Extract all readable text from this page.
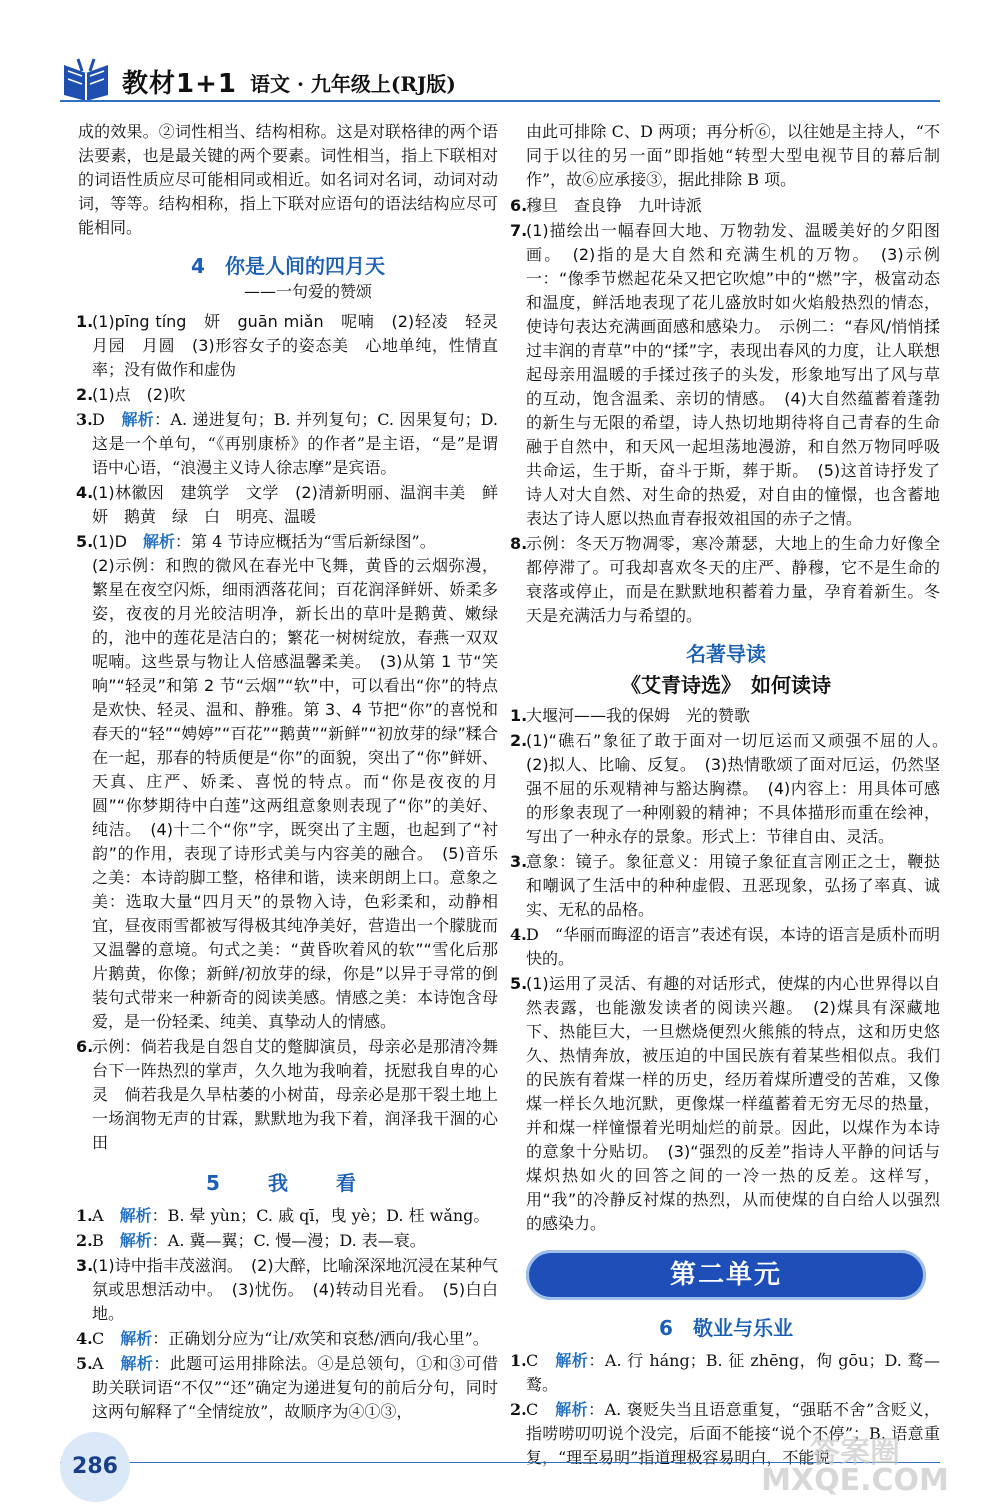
教材1+1 语文 · 九年级上(RJ版)

成的效果。②词性相当、结构相称。这是对联格律的两个语法要素，也是最关键的两个要素。词性相当，指上下联相对的词语性质应尽可能相同或相近。如名词对名词，动词对动词，等等。结构相称，指上下联对应语句的语法结构应尽可能相同。

4　你是人间的四月天
——一句爱的赞颂
1.
(1)pīng tíng　妍　guān miǎn　呢喃　(2)轻凌　轻灵　月园　月圆　(3)形容女子的姿态美　心地单纯，性情直率；没有做作和虚伪
2.
(1)点　(2)吹
3. D　解析：A. 递进复句；B. 并列复句；C. 因果复句；D. 这是一个单句，“《再别康桥》的作者”是主语，“是”是谓语中心语，“浪漫主义诗人徐志摩”是宾语。
4.
(1)林徽因　建筑学　文学　(2)清新明丽、温润丰美　鲜妍　鹅黄　绿　白　明亮、温暖
5.
(1)D　解析：第 4 节诗应概括为“雪后新绿图”。
(2)示例：和煦的微风在春光中飞舞，黄昏的云烟弥漫，繁星在夜空闪烁，细雨洒落花间；百花润泽鲜妍、娇柔多姿，夜夜的月光皎洁明净，新长出的草叶是鹅黄、嫩绿的，池中的莲花是洁白的；繁花一树树绽放，春燕一双双呢喃。这些景与物让人倍感温馨柔美。　(3)从第 1 节“笑响”“轻灵”和第 2 节“云烟”“软”中，可以看出“你”的特点是欢快、轻灵、温和、静雅。第 3、4 节把“你”的喜悦和春天的“轻”“娉婷”“百花”“鹅黄”“新鲜”“初放芽的绿”糅合在一起，那春的特质便是“你”的面貌，突出了“你”鲜妍、天真、庄严、娇柔、喜悦的特点。而“你是夜夜的月圆”“你梦期待中白莲”这两组意象则表现了“你”的美好、纯洁。　(4)十二个“你”字，既突出了主题，也起到了“衬韵”的作用，表现了诗形式美与内容美的融合。　(5)音乐之美：本诗韵脚工整，格律和谐，读来朗朗上口。意象之美：选取大量“四月天”的景物入诗，色彩柔和，动静相宜，昼夜雨雪都被写得极其纯净美好，营造出一个朦胧而又温馨的意境。句式之美：“黄昏吹着风的软”“雪化后那片鹅黄，你像；新鲜/初放芽的绿，你是”以异于寻常的倒装句式带来一种新奇的阅读美感。情感之美：本诗饱含母爱，是一份轻柔、纯美、真挚动人的情感。
6.
示例：倘若我是自怨自艾的蹩脚演员，母亲必是那清冷舞台下一阵热烈的掌声，久久地为我响着，抚慰我自卑的心灵　倘若我是久旱枯萎的小树苗，母亲必是那干裂土地上一场润物无声的甘霖，默默地为我下着，润泽我干涸的心田
5　我　看
1. A　解析：B. 晕 yùn；C. 戚 qī，曳 yè；D. 枉 wǎng。
2. B　解析：A. 冀—翼；C. 慢—漫；D. 表—衰。
3.
(1)诗中指丰茂滋润。　(2)大醉，比喻深深地沉浸在某种气氛或思想活动中。　(3)忧伤。　(4)转动目光看。　(5)白白地。
4. C　解析：正确划分应为“让/欢笑和哀愁/洒向/我心里”。
5. A　解析：此题可运用排除法。④是总领句，①和③可借助关联词语“不仅”“还”确定为递进复句的前后分句，同时这两句解释了“全情绽放”，故顺序为④①③，

由此可排除 C、D 两项；再分析⑥，以往她是主持人，“不同于以往的另一面”即指她“转型大型电视节目的幕后制作”，故⑥应承接③，据此排除 B 项。

6.
穆旦　查良铮　九叶诗派
7.
(1)描绘出一幅春回大地、万物勃发、温暖美好的夕阳图画。　(2)指的是大自然和充满生机的万物。　(3)示例一：“像季节燃起花朵又把它吹熄”中的“燃”字，极富动态和温度，鲜活地表现了花儿盛放时如火焰般热烈的情态，使诗句表达充满画面感和感染力。　示例二：“春风/悄悄揉过丰润的青草”中的“揉”字，表现出春风的力度，让人联想起母亲用温暖的手揉过孩子的头发，形象地写出了风与草的互动，饱含温柔、亲切的情感。　(4)大自然蕴蓄着蓬勃的新生与无限的希望，诗人热切地期待将自己青春的生命融于自然中，和天风一起坦荡地漫游，和自然万物同呼吸共命运，生于斯，奋斗于斯，葬于斯。　(5)这首诗抒发了诗人对大自然、对生命的热爱，对自由的憧憬，也含蓄地表达了诗人愿以热血青春报效祖国的赤子之情。
8.
示例：冬天万物凋零，寒冷萧瑟，大地上的生命力好像全都停滞了。可我却喜欢冬天的庄严、静穆，它不是生命的衰落或停止，而是在默默地积蓄着力量，孕育着新生。冬天是充满活力与希望的。
名著导读
《艾青诗选》　如何读诗
1.
大堰河——我的保姆　光的赞歌
2.
(1)“礁石”象征了敢于面对一切厄运而又顽强不屈的人。　(2)拟人、比喻、反复。　(3)热情歌颂了面对厄运，仍然坚强不屈的乐观精神与豁达胸襟。　(4)内容上：用具体可感的形象表现了一种刚毅的精神；不具体描形而重在绘神，写出了一种永存的景象。形式上：节律自由、灵活。
3.
意象：镜子。象征意义：用镜子象征直言刚正之士，鞭挞和嘲讽了生活中的种种虚假、丑恶现象，弘扬了率真、诚实、无私的品格。
4. D　“华丽而晦涩的语言”表述有误，本诗的语言是质朴而明快的。
5.
(1)运用了灵活、有趣的对话形式，使煤的内心世界得以自然表露，也能激发读者的阅读兴趣。　(2)煤具有深藏地下、热能巨大，一旦燃烧便烈火熊熊的特点，这和历史悠久、热情奔放，被压迫的中国民族有着某些相似点。我们的民族有着煤一样的历史，经历着煤所遭受的苦难，又像煤一样长久地沉默，更像煤一样蕴蓄着无穷无尽的热量，并和煤一样憧憬着光明灿烂的前景。因此，以煤作为本诗的意象十分贴切。　(3)“强烈的反差”指诗人平静的问话与煤炽热如火的回答之间的一冷一热的反差。这样写，用“我”的冷静反衬煤的热烈，从而使煤的自白给人以强烈的感染力。
第二单元
6　敬业与乐业
1. C　解析：A. 行 háng；B. 征 zhēng，佝 gōu；D. 鹜—鹜。
2. C　解析：A. 褒贬失当且语意重复，“强聒不舍”含贬义，指唠唠叨叨说个没完，后面不能接“说个不停”；B. 语意重复，“理至易明”指道理极容易明白，不能说
286	答案圈
MXQE.COM
